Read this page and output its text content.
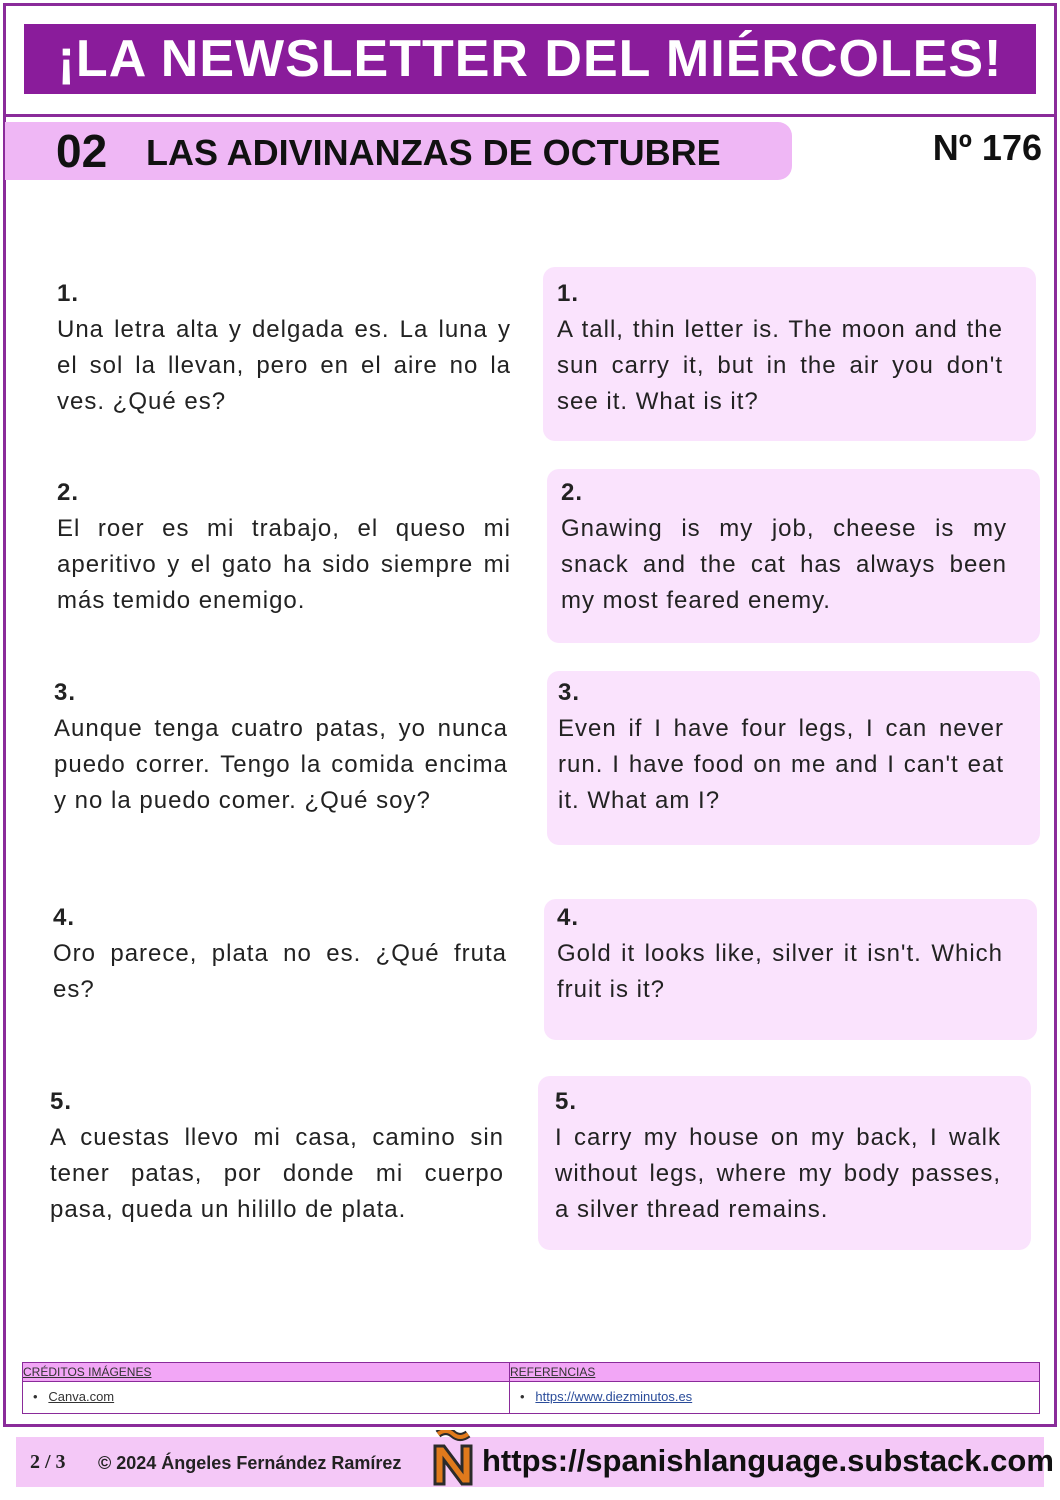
¡LA NEWSLETTER DEL MIÉRCOLES!
02 LAS ADIVINANZAS DE OCTUBRE	Nº 176
1.
Una letra alta y delgada es. La luna y el sol la llevan, pero en el aire no la ves. ¿Qué es?
1.
A tall, thin letter is. The moon and the sun carry it, but in the air you don't see it. What is it?
2.
El roer es mi trabajo, el queso mi aperitivo y el gato ha sido siempre mi más temido enemigo.
2.
Gnawing is my job, cheese is my snack and the cat has always been my most feared enemy.
3.
Aunque tenga cuatro patas, yo nunca puedo correr. Tengo la comida encima y no la puedo comer. ¿Qué soy?
3.
Even if I have four legs, I can never run. I have food on me and I can't eat it. What am I?
4.
Oro parece, plata no es. ¿Qué fruta es?
4.
Gold it looks like, silver it isn't. Which fruit is it?
5.
A cuestas llevo mi casa, camino sin tener patas, por donde mi cuerpo pasa, queda un hilillo de plata.
5.
I carry my house on my back, I walk without legs, where my body passes, a silver thread remains.
CRÉDITOS IMÁGENES
•   Canva.com
REFERENCIAS
•   https://www.diezminutos.es
2 / 3 © 2024 Ángeles Fernández Ramírez	https://spanishlanguage.substack.com
